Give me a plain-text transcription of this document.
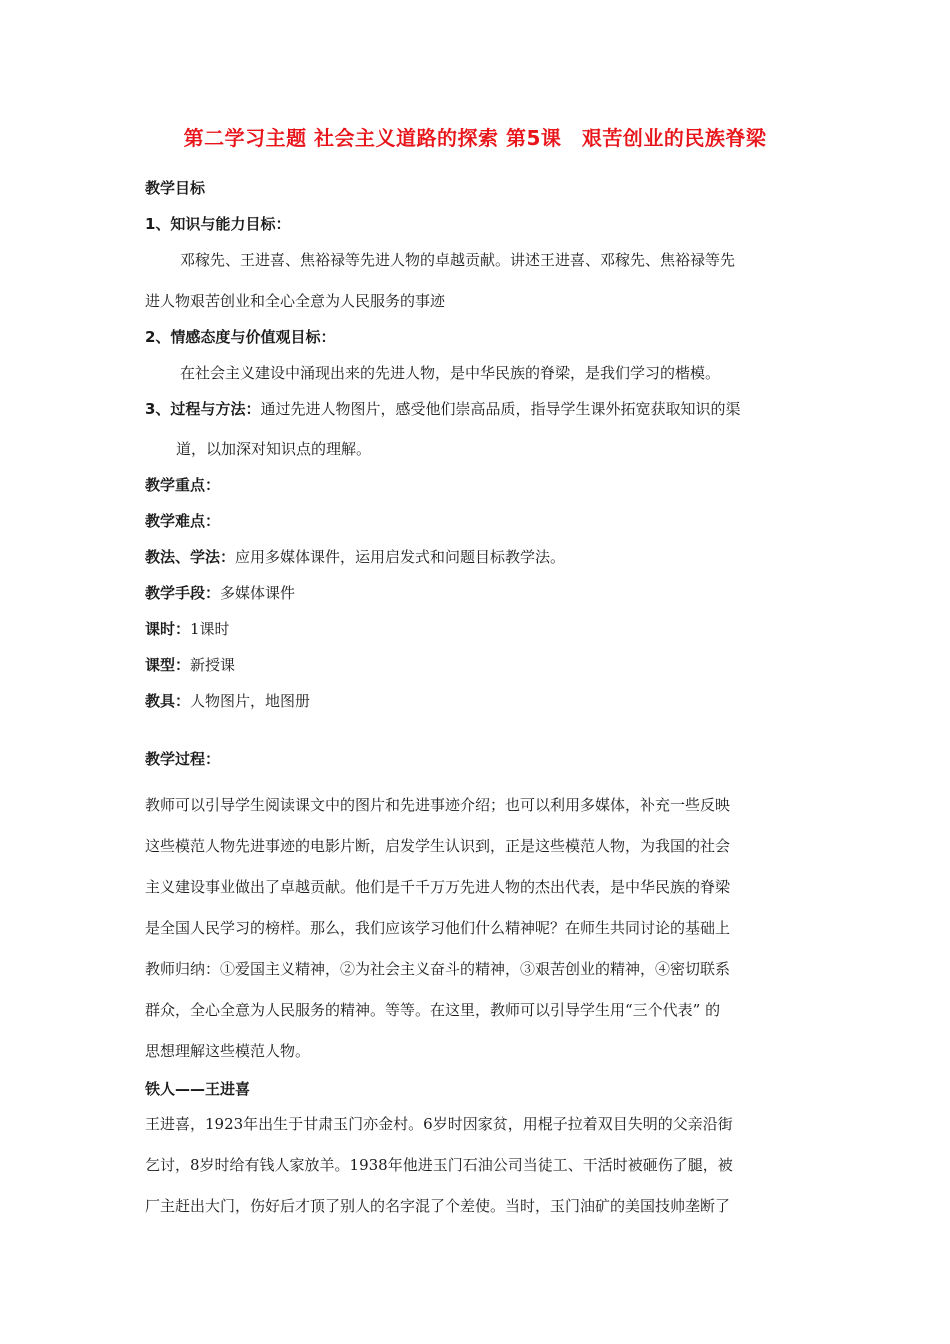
第二学习主题 社会主义道路的探索 第5课　艰苦创业的民族脊梁
教学目标
1、知识与能力目标：
邓稼先、王进喜、焦裕禄等先进人物的卓越贡献。讲述王进喜、邓稼先、焦裕禄等先
进人物艰苦创业和全心全意为人民服务的事迹
2、情感态度与价值观目标：
在社会主义建设中涌现出来的先进人物，是中华民族的脊梁，是我们学习的楷模。
3、过程与方法：通过先进人物图片，感受他们崇高品质，指导学生课外拓宽获取知识的渠
道，以加深对知识点的理解。
教学重点：
教学难点：
教法、学法：应用多媒体课件，运用启发式和问题目标教学法。
教学手段：多媒体课件
课时：1课时
课型：新授课
教具：人物图片，地图册
教学过程：
教师可以引导学生阅读课文中的图片和先进事迹介绍；也可以利用多媒体，补充一些反映
这些模范人物先进事迹的电影片断，启发学生认识到，正是这些模范人物，为我国的社会
主义建设事业做出了卓越贡献。他们是千千万万先进人物的杰出代表，是中华民族的脊梁
是全国人民学习的榜样。那么，我们应该学习他们什么精神呢？在师生共同讨论的基础上
教师归纳：①爱国主义精神，②为社会主义奋斗的精神，③艰苦创业的精神，④密切联系
群众，全心全意为人民服务的精神。等等。在这里，教师可以引导学生用“三个代表” 的
思想理解这些模范人物。
铁人——王进喜
王进喜，1923年出生于甘肃玉门亦金村。6岁时因家贫，用棍子拉着双目失明的父亲沿街
乞讨，8岁时给有钱人家放羊。1938年他进玉门石油公司当徒工、干活时被砸伤了腿，被
厂主赶出大门，伤好后才顶了别人的名字混了个差使。当时，玉门油矿的美国技帅垄断了
